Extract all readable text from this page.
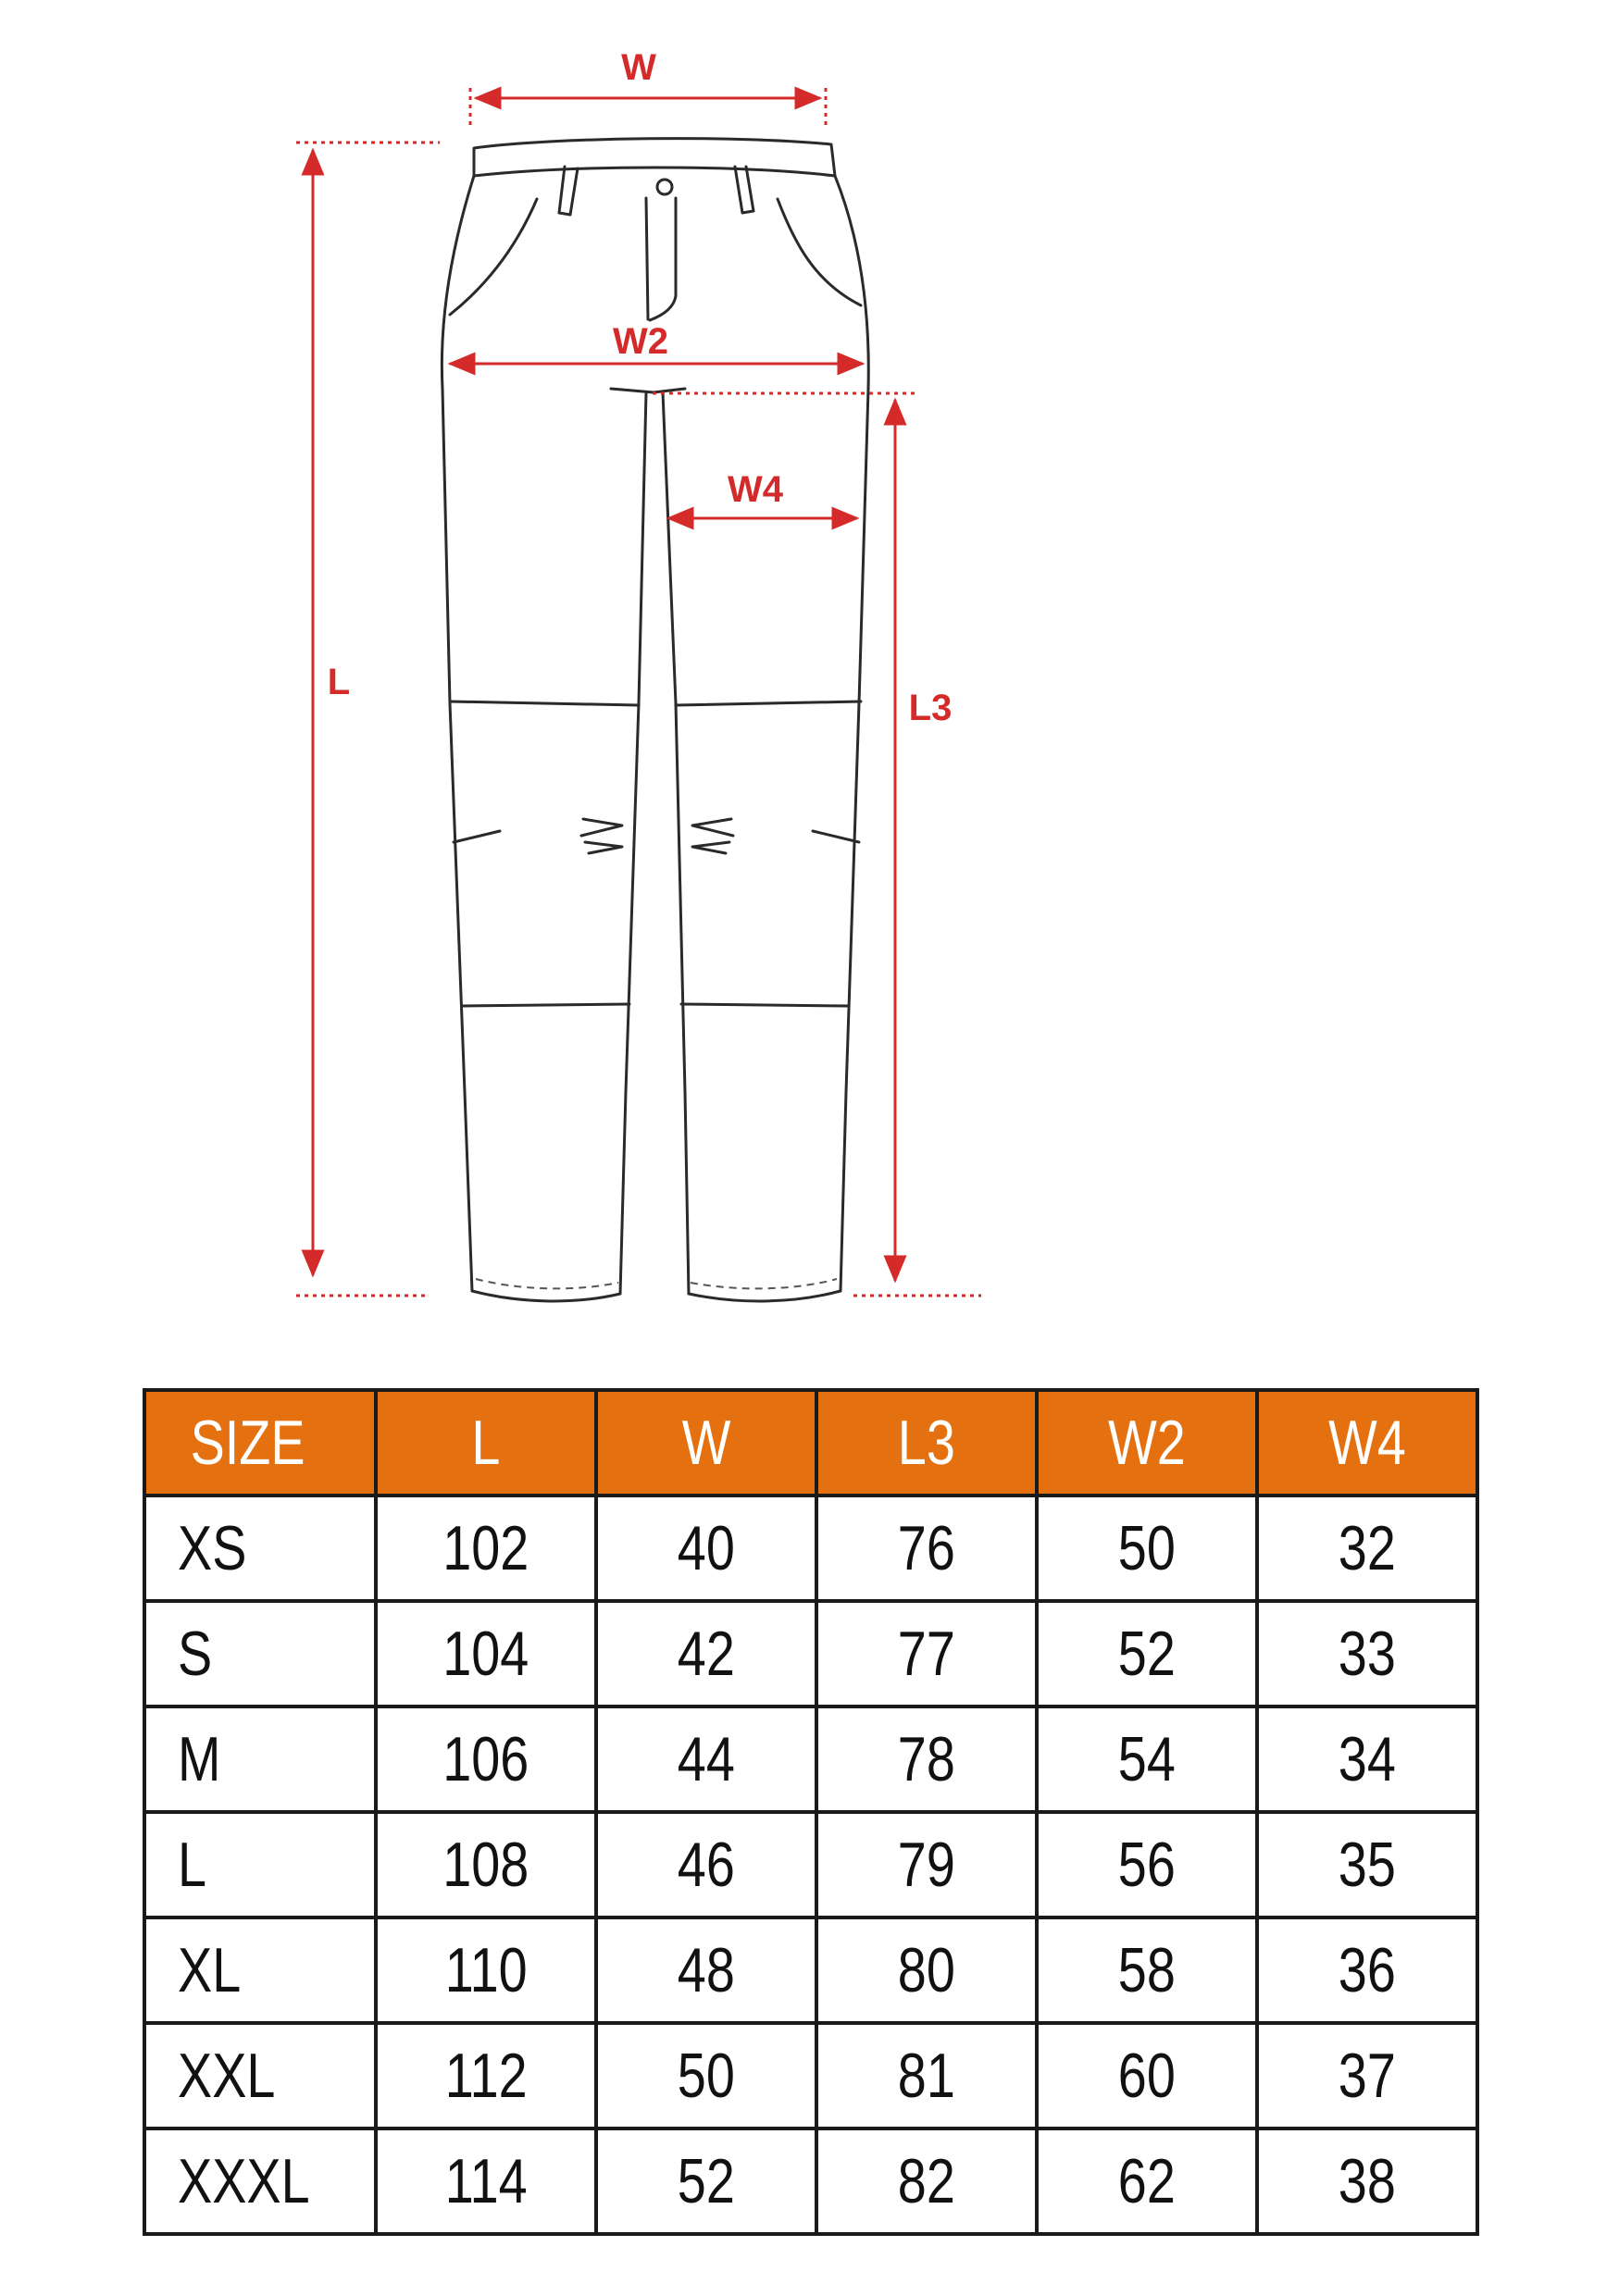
W
W2
W4
L
L3
SIZE	L	W	L3	W2	W4
XS	102	40	76	50	32
S	104	42	77	52	33
M	106	44	78	54	34
L	108	46	79	56	35
XL	110	48	80	58	36
XXL	112	50	81	60	37
XXXL	114	52	82	62	38
